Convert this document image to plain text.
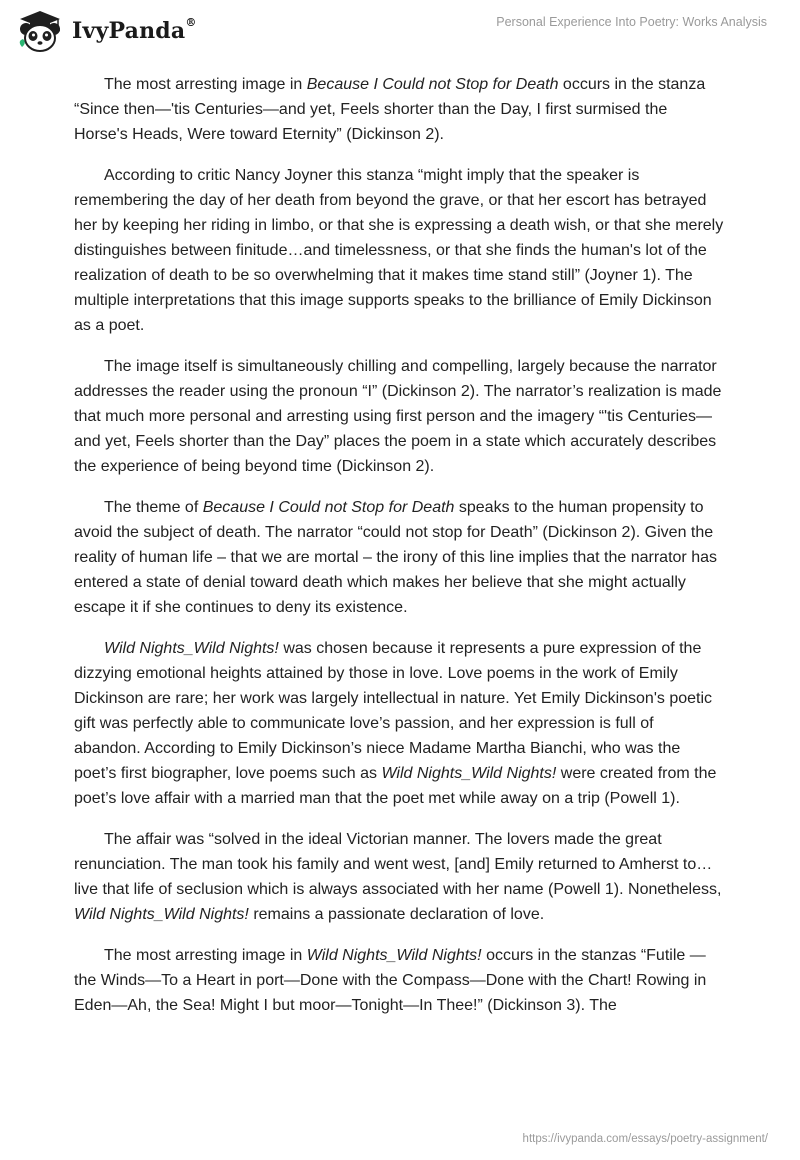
IvyPanda®	Personal Experience Into Poetry: Works Analysis

The most arresting image in Because I Could not Stop for Death occurs in the stanza “Since then—'tis Centuries—and yet, Feels shorter than the Day, I first surmised the Horse's Heads, Were toward Eternity” (Dickinson 2).

According to critic Nancy Joyner this stanza “might imply that the speaker is remembering the day of her death from beyond the grave, or that her escort has betrayed her by keeping her riding in limbo, or that she is expressing a death wish, or that she merely distinguishes between finitude…and timelessness, or that she finds the human's lot of the realization of death to be so overwhelming that it makes time stand still” (Joyner 1). The multiple interpretations that this image supports speaks to the brilliance of Emily Dickinson as a poet.

The image itself is simultaneously chilling and compelling, largely because the narrator addresses the reader using the pronoun “I” (Dickinson 2). The narrator’s realization is made that much more personal and arresting using first person and the imagery “'tis Centuries—and yet, Feels shorter than the Day” places the poem in a state which accurately describes the experience of being beyond time (Dickinson 2).

The theme of Because I Could not Stop for Death speaks to the human propensity to avoid the subject of death. The narrator “could not stop for Death” (Dickinson 2). Given the reality of human life – that we are mortal – the irony of this line implies that the narrator has entered a state of denial toward death which makes her believe that she might actually escape it if she continues to deny its existence.

Wild Nights_Wild Nights! was chosen because it represents a pure expression of the dizzying emotional heights attained by those in love. Love poems in the work of Emily Dickinson are rare; her work was largely intellectual in nature. Yet Emily Dickinson's poetic gift was perfectly able to communicate love’s passion, and her expression is full of abandon. According to Emily Dickinson’s niece Madame Martha Bianchi, who was the poet’s first biographer, love poems such as Wild Nights_Wild Nights! were created from the poet’s love affair with a married man that the poet met while away on a trip (Powell 1).

The affair was “solved in the ideal Victorian manner. The lovers made the great renunciation. The man took his family and went west, [and] Emily returned to Amherst to…live that life of seclusion which is always associated with her name (Powell 1). Nonetheless, Wild Nights_Wild Nights! remains a passionate declaration of love.

The most arresting image in Wild Nights_Wild Nights! occurs in the stanzas “Futile —the Winds—To a Heart in port—Done with the Compass—Done with the Chart! Rowing in Eden—Ah, the Sea! Might I but moor—Tonight—In Thee!” (Dickinson 3). The

https://ivypanda.com/essays/poetry-assignment/
